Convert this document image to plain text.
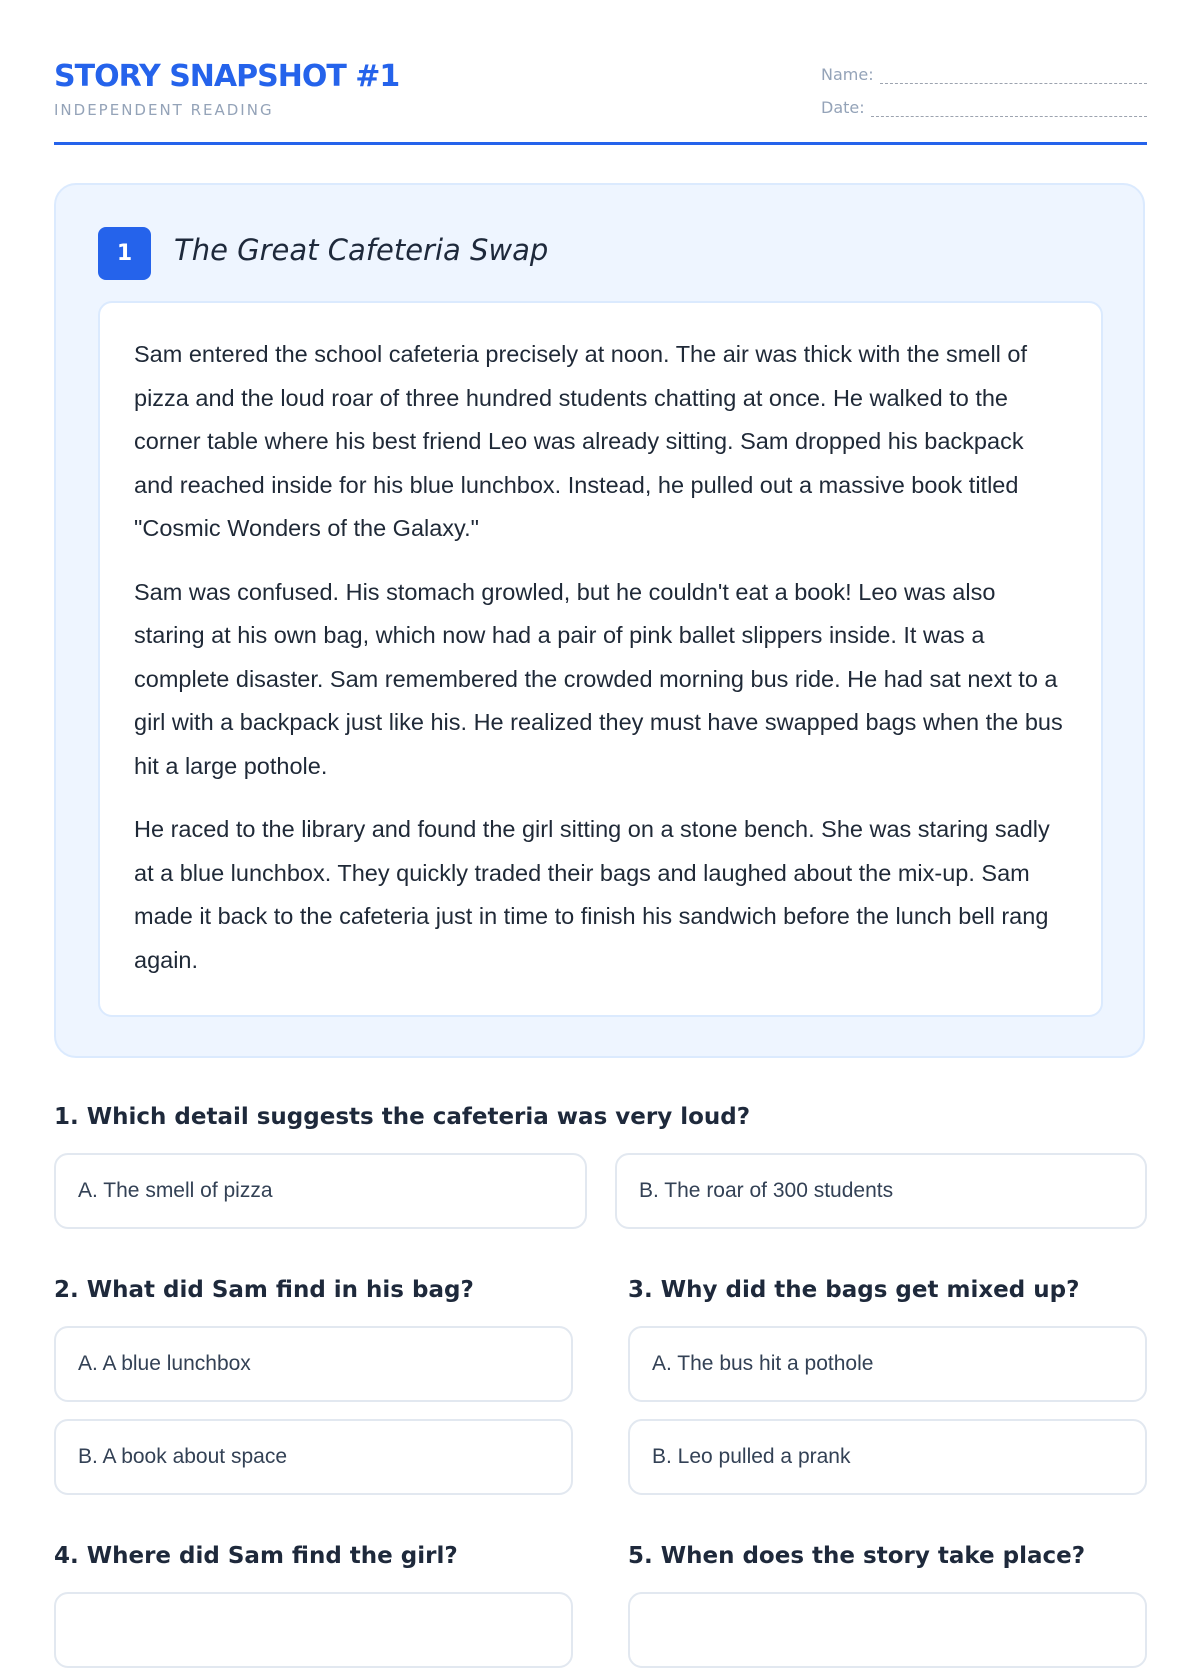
STORY SNAPSHOT #1
INDEPENDENT READING
Name:
Date:
1	The Great Cafeteria Swap

Sam entered the school cafeteria precisely at noon. The air was thick with the smell of pizza and the loud roar of three hundred students chatting at once. He walked to the corner table where his best friend Leo was already sitting. Sam dropped his backpack and reached inside for his blue lunchbox. Instead, he pulled out a massive book titled "Cosmic Wonders of the Galaxy."

Sam was confused. His stomach growled, but he couldn't eat a book! Leo was also staring at his own bag, which now had a pair of pink ballet slippers inside. It was a complete disaster. Sam remembered the crowded morning bus ride. He had sat next to a girl with a backpack just like his. He realized they must have swapped bags when the bus hit a large pothole.

He raced to the library and found the girl sitting on a stone bench. She was staring sadly at a blue lunchbox. They quickly traded their bags and laughed about the mix-up. Sam made it back to the cafeteria just in time to finish his sandwich before the lunch bell rang again.

1. Which detail suggests the cafeteria was very loud?
A. The smell of pizza	B. The roar of 300 students
2. What did Sam find in his bag?
A. A blue lunchbox
B. A book about space
3. Why did the bags get mixed up?
A. The bus hit a pothole
B. Leo pulled a prank
4. Where did Sam find the girl?	5. When does the story take place?
